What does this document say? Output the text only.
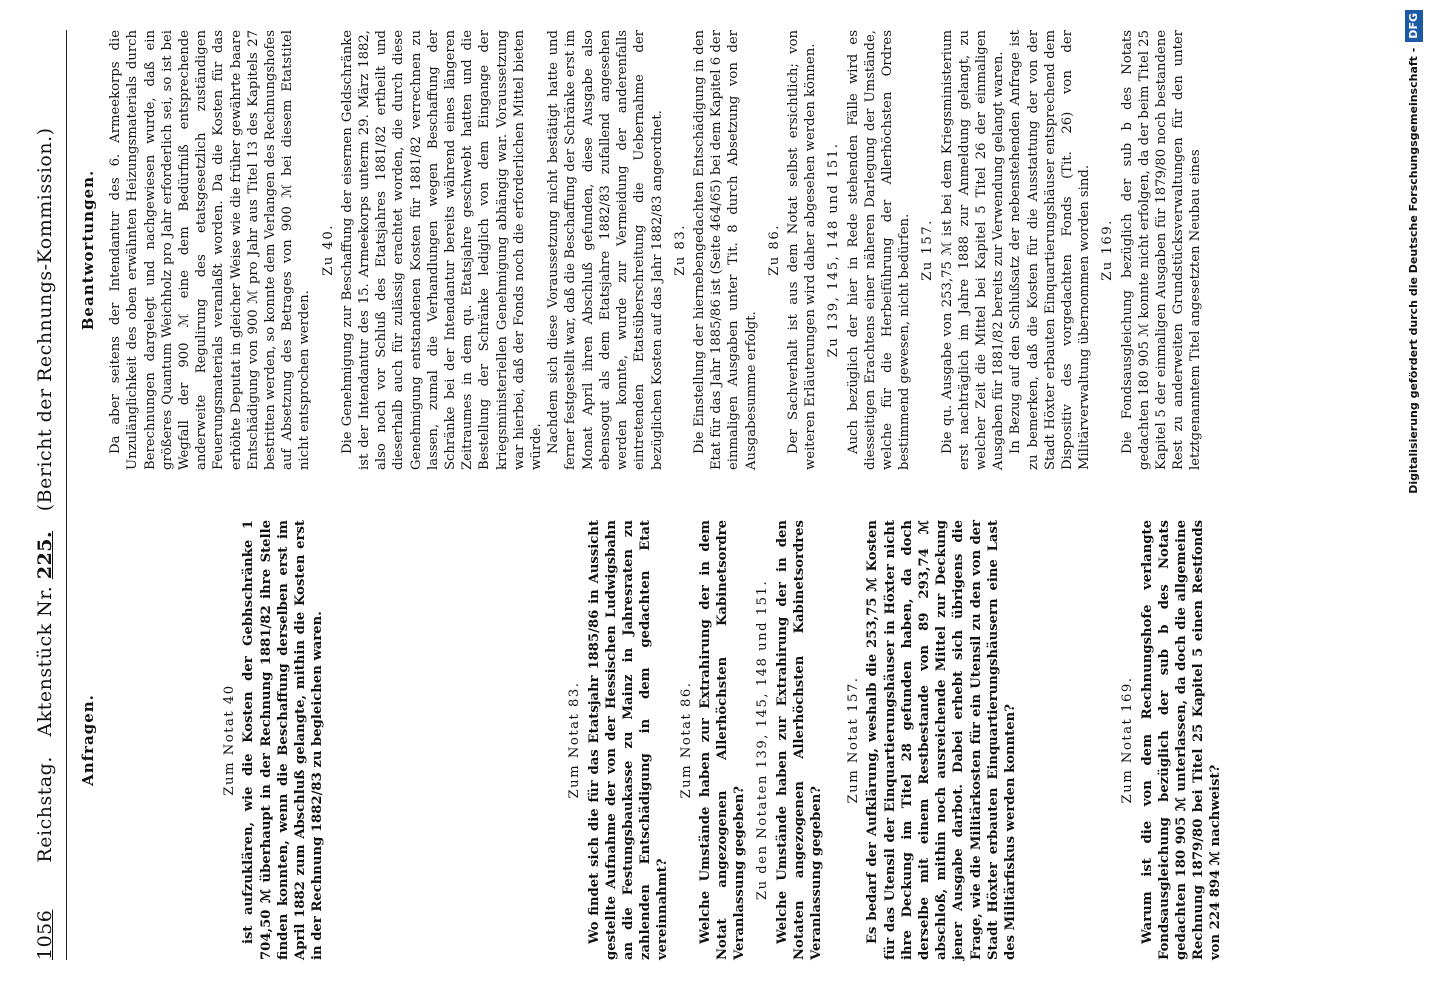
1056
Reichstag.   Aktenstück Nr. 225.   (Bericht der Rechnungs-Kommission.)
Anfragen.	Zum Notat 40 ist aufzuklären, wie die Kosten der Gebhschränke 1 704,50 ℳ überhaupt in der Rechnung 1881/82 ihre Stelle finden konnten, wenn die Beschaffung derselben erst im April 1882 zum Abschluß gelangte, mithin die Kosten erst in der Rechnung 1882/83 zu begleichen waren.	Zum Notat 83. Wo findet sich die für das Etatsjahr 1885/86 in Aussicht gestellte Aufnahme der von der Hessischen Ludwigsbahn an die Festungsbaukasse zu Mainz in Jahresraten zu zahlenden Entschädigung in dem gedachten Etat vereinnahmt?

Zum Notat 86. Welche Umstände haben zur Extrahirung der in dem Notat angezogenen Allerhöchsten Kabinetsordre Veranlassung gegeben? Zu den Notaten 139, 145, 148 und 151. Welche Umstände haben zur Extrahirung der in den Notaten angezogenen Allerhöchsten Kabinetsordres Veranlassung gegeben?

Zum Notat 157. Es bedarf der Aufklärung, weshalb die 253,75 ℳ Kosten für das Utensil der Einquartierungshäuser in Höxter nicht ihre Deckung im Titel 28 gefunden haben, da doch derselbe mit einem Restbestande von 89 293,74 ℳ abschloß, mithin noch ausreichende Mittel zur Deckung jener Ausgabe darbot. Dabei erhebt sich übrigens die Frage, wie die Militärkosten für ein Utensil zu den von der Stadt Höxter erbauten Einquartierungshäusern eine Last des Militärfiskus werden konnten?	Zum Notat 169. Warum ist die von dem Rechnungshofe verlangte Fondsausgleichung bezüglich der sub b des Notats gedachten 180 905 ℳ unterlassen, da doch die allgemeine Rechnung 1879/80 bei Titel 25 Kapitel 5 einen Restfonds von 224 894 ℳ nachweist?

Beantwortungen. Da aber seitens der Intendantur des 6. Armeekorps die Unzulänglichkeit des oben erwähnten Heizungsmaterials durch Berechnungen dargelegt und nachgewiesen wurde, daß ein größeres Quantum Weichholz pro Jahr erforderlich sei, so ist bei Wegfall der 900 ℳ eine dem Bedürfniß entsprechende anderweite Regulirung des etatsgesetzlich zuständigen Feuerungsmaterials veranlaßt worden. Da die Kosten für das erhöhte Deputat in gleicher Weise wie die früher gewährte baare Entschädigung von 900 ℳ pro Jahr aus Titel 13 des Kapitels 27 bestritten werden, so konnte dem Verlangen des Rechnungshofes auf Absetzung des Betrages von 900 ℳ bei diesem Etatstitel nicht entsprochen werden.

Zu 40. Die Genehmigung zur Beschaffung der eisernen Geldschränke ist der Intendantur des 15. Armeekorps unterm 29. März 1882, also noch vor Schluß des Etatsjahres 1881/82 ertheilt und dieserhalb auch für zulässig erachtet worden, die durch diese Genehmigung entstandenen Kosten für 1881/82 verrechnen zu lassen, zumal die Verhandlungen wegen Beschaffung der Schränke bei der Intendantur bereits während eines längeren Zeitraumes in dem qu. Etatsjahre geschwebt hatten und die Bestellung der Schränke lediglich von dem Eingange der kriegsministeriellen Genehmigung abhängig war. Voraussetzung war hierbei, daß der Fonds noch die erforderlichen Mittel bieten würde. Nachdem sich diese Voraussetzung nicht bestätigt hatte und ferner festgestellt war, daß die Beschaffung der Schränke erst im Monat April ihren Abschluß gefunden, diese Ausgabe also ebensogut als dem Etatsjahre 1882/83 zufallend angesehen werden konnte, wurde zur Vermeidung der anderenfalls eintretenden Etatsüberschreitung die Uebernahme der bezüglichen Kosten auf das Jahr 1882/83 angeordnet. Zu 83. Die Einstellung der hiernebengedachten Entschädigung in den Etat für das Jahr 1885/86 ist (Seite 464/65) bei dem Kapitel 6 der einmaligen Ausgaben unter Tit. 8 durch Absetzung von der Ausgabesumme erfolgt.

Zu 86. Der Sachverhalt ist aus dem Notat selbst ersichtlich; von weiteren Erläuterungen wird daher abgesehen werden können. Zu 139, 145, 148 und 151. Auch bezüglich der hier in Rede stehenden Fälle wird es diesseitigen Erachtens einer näheren Darlegung der Umstände, welche für die Herbeiführung der Allerhöchsten Ordres bestimmend gewesen, nicht bedürfen. Zu 157. Die qu. Ausgabe von 253,75 ℳ ist bei dem Kriegsministerium erst nachträglich im Jahre 1888 zur Anmeldung gelangt, zu welcher Zeit die Mittel bei Kapitel 5 Titel 26 der einmaligen Ausgaben für 1881/82 bereits zur Verwendung gelangt waren. In Bezug auf den Schlußsatz der nebenstehenden Anfrage ist zu bemerken, daß die Kosten für die Ausstattung der von der Stadt Höxter erbauten Einquartierungshäuser entsprechend dem Dispositiv des vorgedachten Fonds (Tit. 26) von der Militärverwaltung übernommen worden sind. Zu 169. Die Fondsausgleichung bezüglich der sub b des Notats gedachten 180 905 ℳ konnte nicht erfolgen, da der beim Titel 25 Kapitel 5 der einmaligen Ausgaben für 1879/80 noch bestandene Rest zu anderweiten Grundstücksverwaltungen für den unter letztgenanntem Titel angesetzten Neubau eines	Digitalisierung gefördert durch die Deutsche Forschungsgemeinschaft -DFG
